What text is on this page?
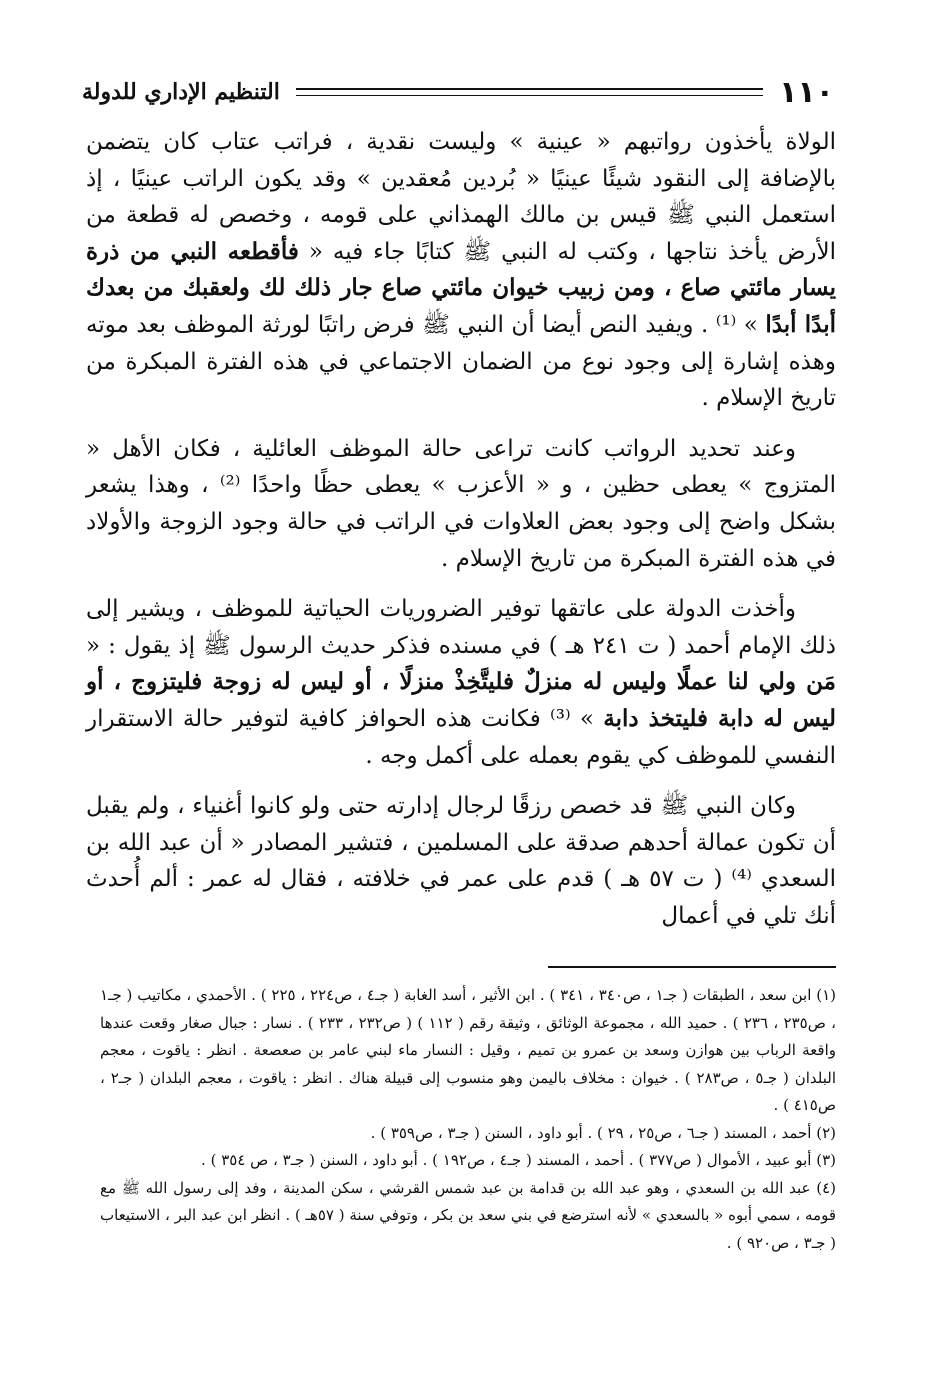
١١٠
التنظيم الإداري للدولة

الولاة يأخذون رواتبهم « عينية » وليست نقدية ، فراتب عتاب كان يتضمن بالإضافة إلى النقود شيئًا عينيًا « بُردين مُعقدين » وقد يكون الراتب عينيًا ، إذ استعمل النبي ﷺ قيس بن مالك الهمذاني على قومه ، وخصص له قطعة من الأرض يأخذ نتاجها ، وكتب له النبي ﷺ كتابًا جاء فيه « فأقطعه النبي من ذرة يسار مائتي صاع ، ومن زبيب خيوان مائتي صاع جار ذلك لك ولعقبك من بعدك أبدًا أبدًا » ⁽¹⁾ . ويفيد النص أيضا أن النبي ﷺ فرض راتبًا لورثة الموظف بعد موته وهذه إشارة إلى وجود نوع من الضمان الاجتماعي في هذه الفترة المبكرة من تاريخ الإسلام .

وعند تحديد الرواتب كانت تراعى حالة الموظف العائلية ، فكان الأهل « المتزوج » يعطى حظين ، و « الأعزب » يعطى حظًا واحدًا ⁽²⁾ ، وهذا يشعر بشكل واضح إلى وجود بعض العلاوات في الراتب في حالة وجود الزوجة والأولاد في هذه الفترة المبكرة من تاريخ الإسلام .

وأخذت الدولة على عاتقها توفير الضروريات الحياتية للموظف ، ويشير إلى ذلك الإمام أحمد ( ت ٢٤١ هـ ) في مسنده فذكر حديث الرسول ﷺ إذ يقول : « مَن ولي لنا عملًا وليس له منزلٌ فليتَّخِذْ منزلًا ، أو ليس له زوجة فليتزوج ، أو ليس له دابة فليتخذ دابة » ⁽³⁾ فكانت هذه الحوافز كافية لتوفير حالة الاستقرار النفسي للموظف كي يقوم بعمله على أكمل وجه .

وكان النبي ﷺ قد خصص رزقًا لرجال إدارته حتى ولو كانوا أغنياء ، ولم يقبل أن تكون عمالة أحدهم صدقة على المسلمين ، فتشير المصادر « أن عبد الله بن السعدي ⁽⁴⁾ ( ت ٥٧ هـ ) قدم على عمر في خلافته ، فقال له عمر : ألم أُحدث أنك تلي في أعمال

(١) ابن سعد ، الطبقات ( جـ١ ، ص٣٤٠ ، ٣٤١ ) . ابن الأثير ، أسد الغابة ( جـ٤ ، ص٢٢٤ ، ٢٢٥ ) . الأحمدي ، مكاتيب ( جـ١ ، ص٢٣٥ ، ٢٣٦ ) . حميد الله ، مجموعة الوثائق ، وثيقة رقم ( ١١٢ ) ( ص٢٣٢ ، ٢٣٣ ) . نسار : جبال صغار وقعت عندها واقعة الرباب بين هوازن وسعد بن عمرو بن تميم ، وقيل : النسار ماء لبني عامر بن صعصعة . انظر : ياقوت ، معجم البلدان ( جـ٥ ، ص٢٨٣ ) . خيوان : مخلاف باليمن وهو منسوب إلى قبيلة هناك . انظر : ياقوت ، معجم البلدان ( جـ٢ ، ص٤١٥ ) .

(٢) أحمد ، المسند ( جـ٦ ، ص٢٥ ، ٢٩ ) . أبو داود ، السنن ( جـ٣ ، ص٣٥٩ ) .

(٣) أبو عبيد ، الأموال ( ص٣٧٧ ) . أحمد ، المسند ( جـ٤ ، ص١٩٢ ) . أبو داود ، السنن ( جـ٣ ، ص ٣٥٤ ) .

(٤) عبد الله بن السعدي ، وهو عبد الله بن قدامة بن عبد شمس القرشي ، سكن المدينة ، وفد إلى رسول الله ﷺ مع قومه ، سمي أبوه « بالسعدي » لأنه استرضع في بني سعد بن بكر ، وتوفي سنة ( ٥٧هـ ) . انظر ابن عبد البر ، الاستيعاب ( جـ٣ ، ص٩٢٠ ) .
